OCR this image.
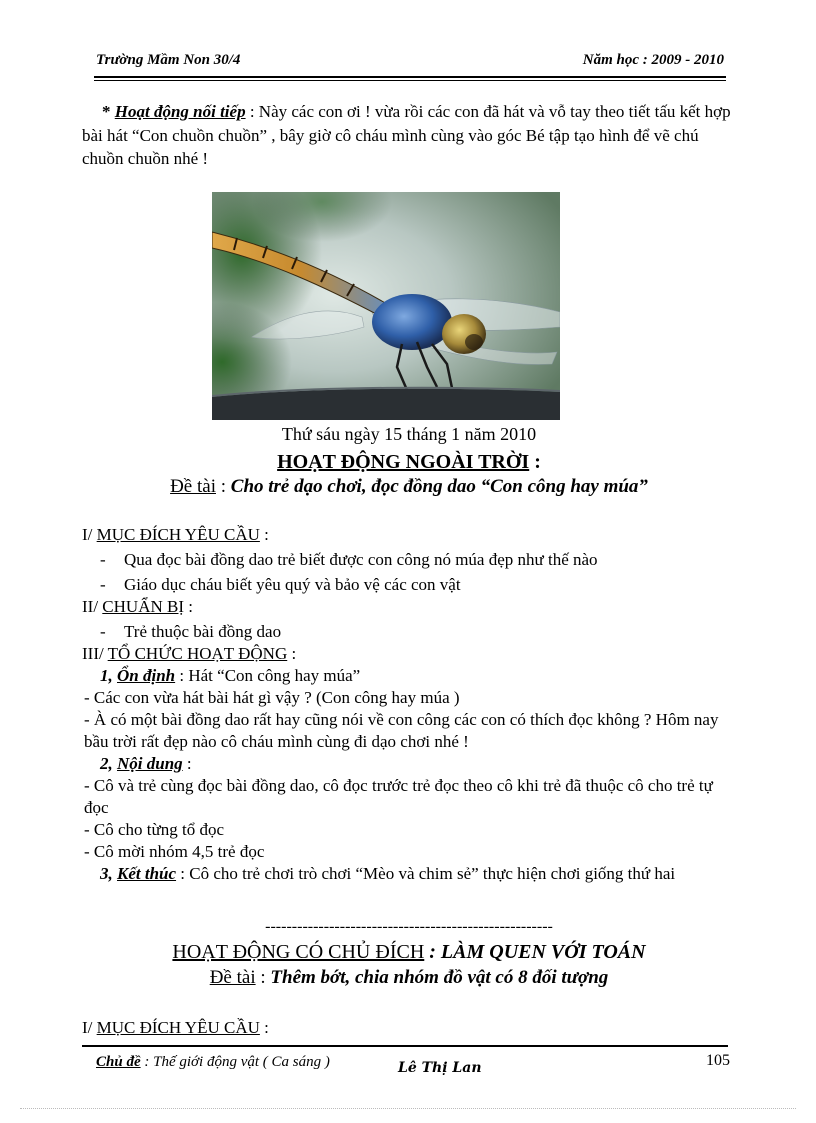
Trường Mầm Non 30/4	Năm học : 2009 - 2010

* Hoạt động nối tiếp : Này các con ơi ! vừa rồi các con đã hát và vỗ tay theo tiết tấu kết hợp bài hát “Con chuồn chuồn” , bây giờ cô cháu mình cùng vào góc Bé tập tạo hình để vẽ chú chuồn chuồn nhé !

Thứ sáu ngày 15 tháng 1 năm 2010
HOẠT ĐỘNG NGOÀI TRỜI :
Đề tài : Cho trẻ dạo chơi, đọc đồng dao “Con công hay múa”

I/ MỤC ĐÍCH YÊU CẦU :

- Qua đọc bài đồng dao trẻ biết được con công nó múa đẹp như thế nào

- Giáo dục cháu biết yêu quý và bảo vệ các con vật

II/ CHUẨN BỊ :

- Trẻ thuộc bài đồng dao

III/ TỔ CHỨC HOẠT ĐỘNG :

1, Ổn định : Hát “Con công hay múa”

- Các con vừa hát bài hát gì vậy ? (Con công hay múa )

- À có một bài đồng dao rất hay cũng nói về con công các con có thích đọc không ? Hôm nay bầu trời rất đẹp nào cô cháu mình cùng đi dạo chơi nhé !

2, Nội dung :

- Cô và trẻ cùng đọc bài đồng dao, cô đọc trước trẻ đọc theo cô khi trẻ đã thuộc cô cho trẻ tự đọc

- Cô cho từng tổ đọc

- Cô mời nhóm 4,5 trẻ đọc

3, Kết thúc : Cô cho trẻ chơi trò chơi “Mèo và chim sẻ” thực hiện chơi giống thứ hai

------------------------------------------------------
HOẠT ĐỘNG CÓ CHỦ ĐÍCH : LÀM QUEN VỚI TOÁN
Đề tài : Thêm bớt, chia nhóm đồ vật có 8 đối tượng
I/ MỤC ĐÍCH YÊU CẦU :
Chủ đề : Thế giới động vật ( Ca sáng )	Lê Thị Lan	105
